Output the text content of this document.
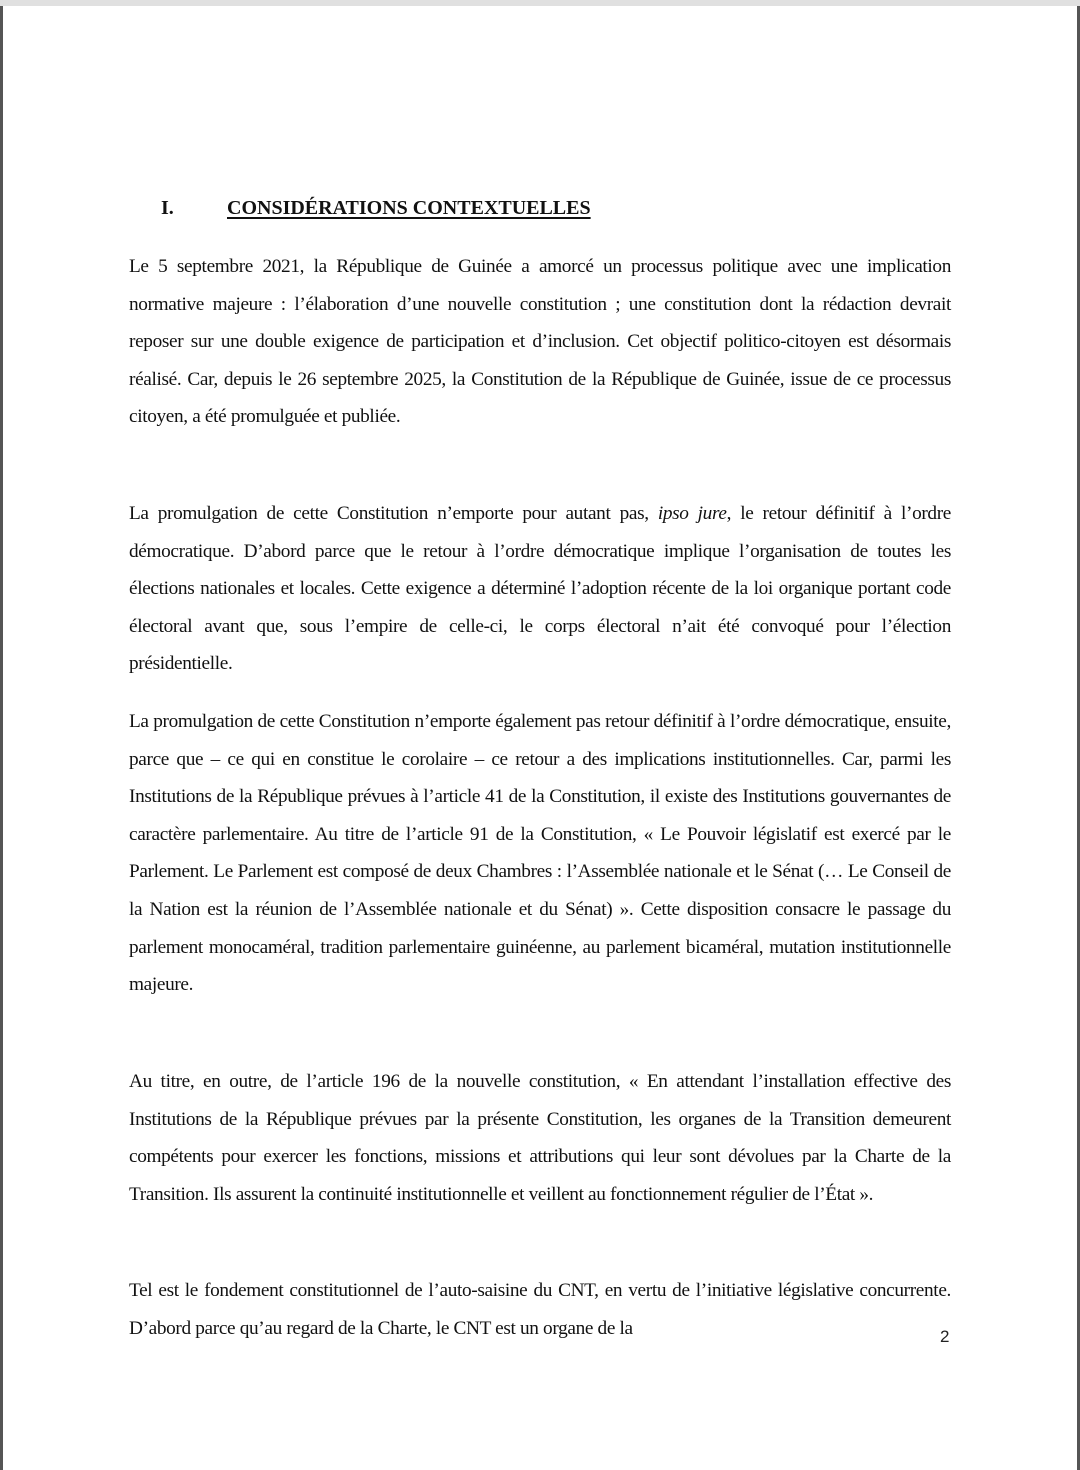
I.	CONSIDÉRATIONS CONTEXTUELLES

Le 5 septembre 2021, la République de Guinée a amorcé un processus politique avec une implication normative majeure : l’élaboration d’une nouvelle constitution ; une constitution dont la rédaction devrait reposer sur une double exigence de participation et d’inclusion. Cet objectif politico-citoyen est désormais réalisé. Car, depuis le 26 septembre 2025, la Constitution de la République de Guinée, issue de ce processus citoyen, a été promulguée et publiée.

La promulgation de cette Constitution n’emporte pour autant pas, ipso jure, le retour définitif à l’ordre démocratique. D’abord parce que le retour à l’ordre démocratique implique l’organisation de toutes les élections nationales et locales. Cette exigence a déterminé l’adoption récente de la loi organique portant code électoral avant que, sous l’empire de celle-ci, le corps électoral n’ait été convoqué pour l’élection présidentielle.

La promulgation de cette Constitution n’emporte également pas retour définitif à l’ordre démocratique, ensuite, parce que – ce qui en constitue le corolaire – ce retour a des implications institutionnelles. Car, parmi les Institutions de la République prévues à l’article 41 de la Constitution, il existe des Institutions gouvernantes de caractère parlementaire. Au titre de l’article 91 de la Constitution, « Le Pouvoir législatif est exercé par le Parlement. Le Parlement est composé de deux Chambres : l’Assemblée nationale et le Sénat (… Le Conseil de la Nation est la réunion de l’Assemblée nationale et du Sénat) ». Cette disposition consacre le passage du parlement monocaméral, tradition parlementaire guinéenne, au parlement bicaméral, mutation institutionnelle majeure.

Au titre, en outre, de l’article 196 de la nouvelle constitution, « En attendant l’installation effective des Institutions de la République prévues par la présente Constitution, les organes de la Transition demeurent compétents pour exercer les fonctions, missions et attributions qui leur sont dévolues par la Charte de la Transition. Ils assurent la continuité institutionnelle et veillent au fonctionnement régulier de l’État ».

Tel est le fondement constitutionnel de l’auto-saisine du CNT, en vertu de l’initiative législative concurrente. D’abord parce qu’au regard de la Charte, le CNT est un organe de la	2
